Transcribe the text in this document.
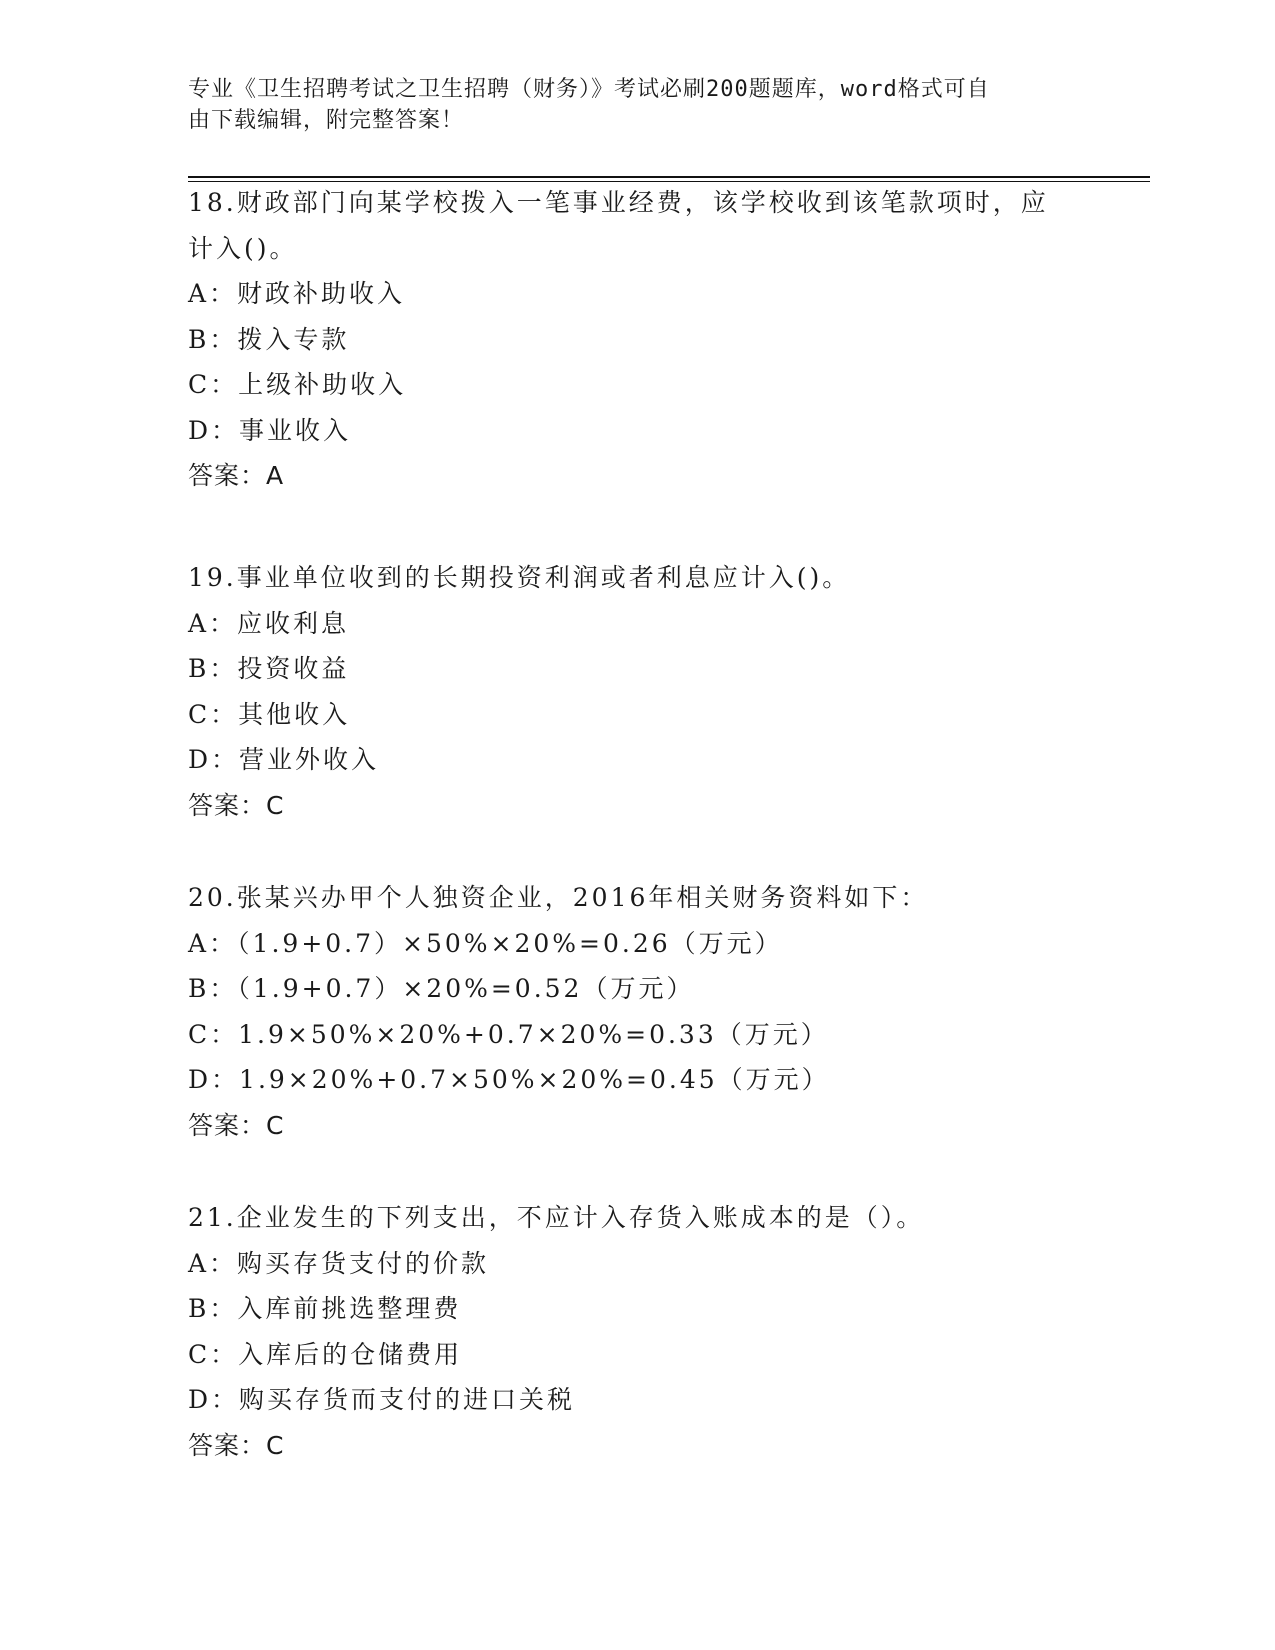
专业《卫生招聘考试之卫生招聘（财务）》考试必刷200题题库，word格式可自
由下载编辑，附完整答案！
18.财政部门向某学校拨入一笔事业经费，该学校收到该笔款项时，应
计入()。
A：财政补助收入
B：拨入专款
C：上级补助收入
D：事业收入
答案：A
19.事业单位收到的长期投资利润或者利息应计入()。
A：应收利息
B：投资收益
C：其他收入
D：营业外收入
答案：C
20.张某兴办甲个人独资企业，2016年相关财务资料如下：
A：（1.9+0.7）×50%×20%=0.26（万元）
B：（1.9+0.7）×20%=0.52（万元）
C：1.9×50%×20%+0.7×20%=0.33（万元）
D：1.9×20%+0.7×50%×20%=0.45（万元）
答案：C
21.企业发生的下列支出，不应计入存货入账成本的是（）。
A：购买存货支付的价款
B：入库前挑选整理费
C：入库后的仓储费用
D：购买存货而支付的进口关税
答案：C
